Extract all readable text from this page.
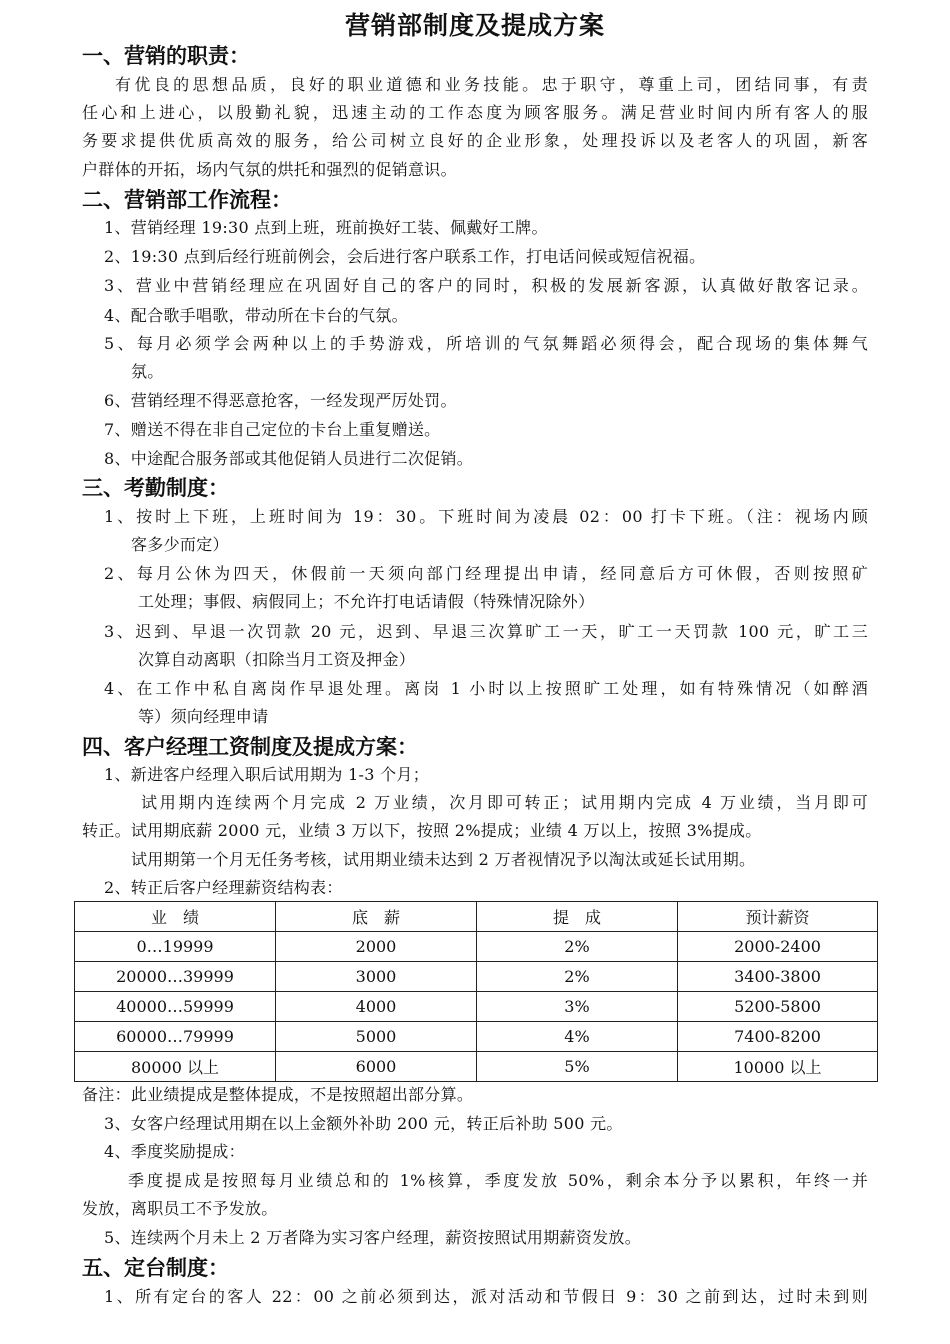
营销部制度及提成方案
一、营销的职责：
有优良的思想品质，良好的职业道德和业务技能。忠于职守，尊重上司，团结同事，有责
任心和上进心，以殷勤礼貌，迅速主动的工作态度为顾客服务。满足营业时间内所有客人的服
务要求提供优质高效的服务，给公司树立良好的企业形象，处理投诉以及老客人的巩固，新客
户群体的开拓，场内气氛的烘托和强烈的促销意识。
二、营销部工作流程：
1、营销经理 19:30 点到上班，班前换好工装、佩戴好工牌。
2、19:30 点到后经行班前例会，会后进行客户联系工作，打电话问候或短信祝福。
3、营业中营销经理应在巩固好自己的客户的同时，积极的发展新客源，认真做好散客记录。
4、配合歌手唱歌，带动所在卡台的气氛。
5、每月必须学会两种以上的手势游戏，所培训的气氛舞蹈必须得会，配合现场的集体舞气
氛。
6、营销经理不得恶意抢客，一经发现严厉处罚。
7、赠送不得在非自己定位的卡台上重复赠送。
8、中途配合服务部或其他促销人员进行二次促销。
三、考勤制度：
1、按时上下班，上班时间为 19：30。下班时间为凌晨 02：00 打卡下班。（注：视场内顾
客多少而定）
2、每月公休为四天，休假前一天须向部门经理提出申请，经同意后方可休假，否则按照矿
工处理；事假、病假同上；不允许打电话请假（特殊情况除外）
3、迟到、早退一次罚款 20 元，迟到、早退三次算旷工一天，旷工一天罚款 100 元，旷工三
次算自动离职（扣除当月工资及押金）
4、在工作中私自离岗作早退处理。离岗 1 小时以上按照旷工处理，如有特殊情况（如醉酒
等）须向经理申请
四、客户经理工资制度及提成方案：
1、新进客户经理入职后试用期为 1-3 个月；
试用期内连续两个月完成 2 万业绩，次月即可转正；试用期内完成 4 万业绩，当月即可
转正。试用期底薪 2000 元，业绩 3 万以下，按照 2%提成；业绩 4 万以上，按照 3%提成。
试用期第一个月无任务考核，试用期业绩未达到 2 万者视情况予以淘汰或延长试用期。
2、转正后客户经理薪资结构表：
业　绩	底　薪	提　成	预计薪资
0…19999	2000	2%	2000-2400
20000…39999	3000	2%	3400-3800
40000…59999	4000	3%	5200-5800
60000…79999	5000	4%	7400-8200
80000 以上	6000	5%	10000 以上
备注：此业绩提成是整体提成，不是按照超出部分算。
3、女客户经理试用期在以上金额外补助 200 元，转正后补助 500 元。
4、季度奖励提成：
季度提成是按照每月业绩总和的 1%核算，季度发放 50%，剩余本分予以累积，年终一并
发放，离职员工不予发放。
5、连续两个月未上 2 万者降为实习客户经理，薪资按照试用期薪资发放。
五、定台制度：
1、所有定台的客人 22：00 之前必须到达，派对活动和节假日 9：30 之前到达，过时未到则
